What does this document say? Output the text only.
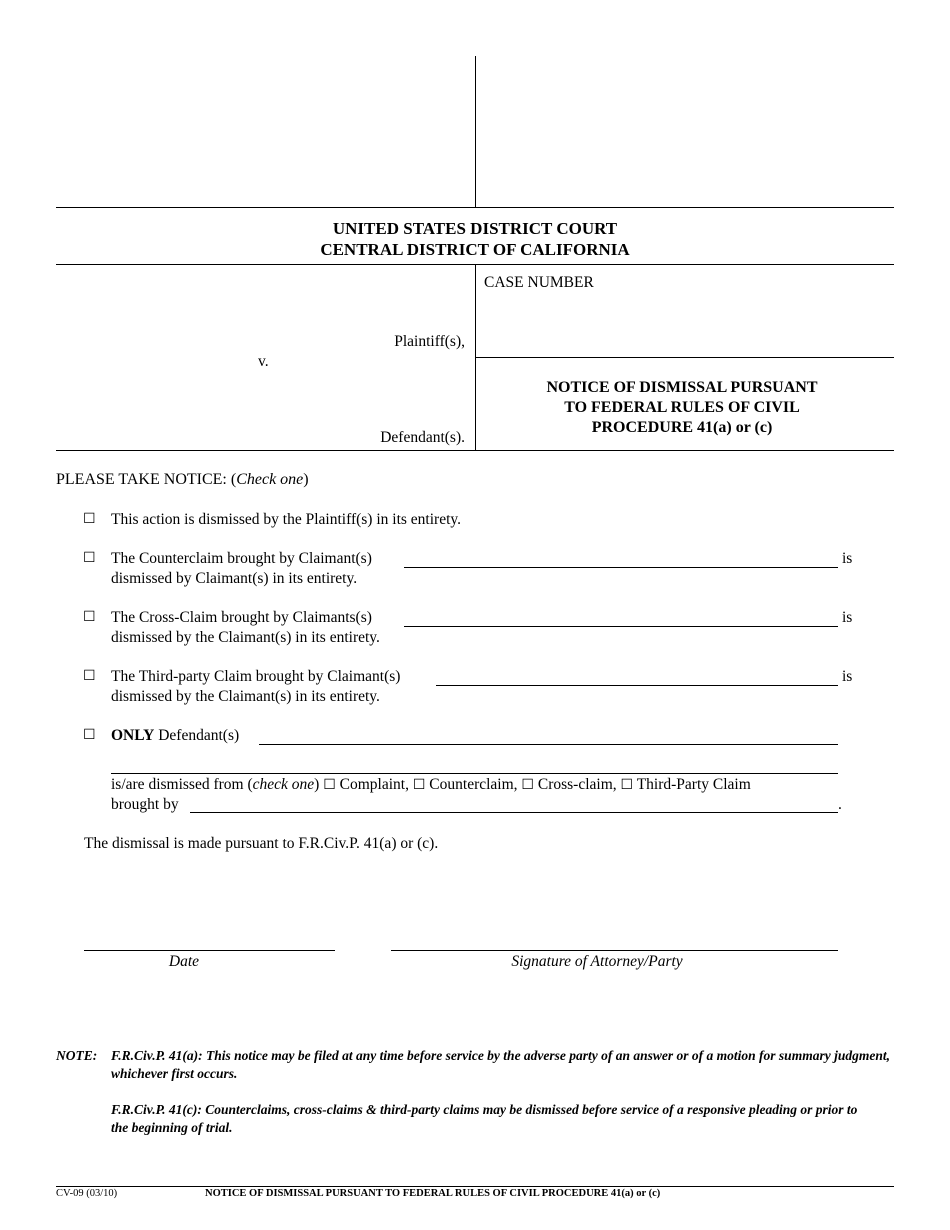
UNITED STATES DISTRICT COURT
CENTRAL DISTRICT OF CALIFORNIA
CASE NUMBER
Plaintiff(s),
v.
Defendant(s).
NOTICE OF DISMISSAL PURSUANT
TO FEDERAL RULES OF CIVIL
PROCEDURE 41(a) or (c)
PLEASE TAKE NOTICE: (Check one)
☐ This action is dismissed by the Plaintiff(s) in its entirety.
☐ The Counterclaim brought by Claimant(s)	is
dismissed by Claimant(s) in its entirety.
☐ The Cross-Claim brought by Claimants(s)	is
dismissed by the Claimant(s) in its entirety.
☐ The Third-party Claim brought by Claimant(s)	is
dismissed by the Claimant(s) in its entirety.
☐ ONLY Defendant(s)
is/are dismissed from (check one) ☐ Complaint, ☐ Counterclaim, ☐ Cross-claim, ☐ Third-Party Claim
brought by	.
The dismissal is made pursuant to F.R.Civ.P. 41(a) or (c).
Date	Signature of Attorney/Party
NOTE: F.R.Civ.P. 41(a): This notice may be filed at any time before service by the adverse party of an answer or of a motion for summary judgment, whichever first occurs.
F.R.Civ.P. 41(c): Counterclaims, cross-claims & third-party claims may be dismissed before service of a responsive pleading or prior to the beginning of trial.
CV-09 (03/10)	NOTICE OF DISMISSAL PURSUANT TO FEDERAL RULES OF CIVIL PROCEDURE 41(a) or (c)
